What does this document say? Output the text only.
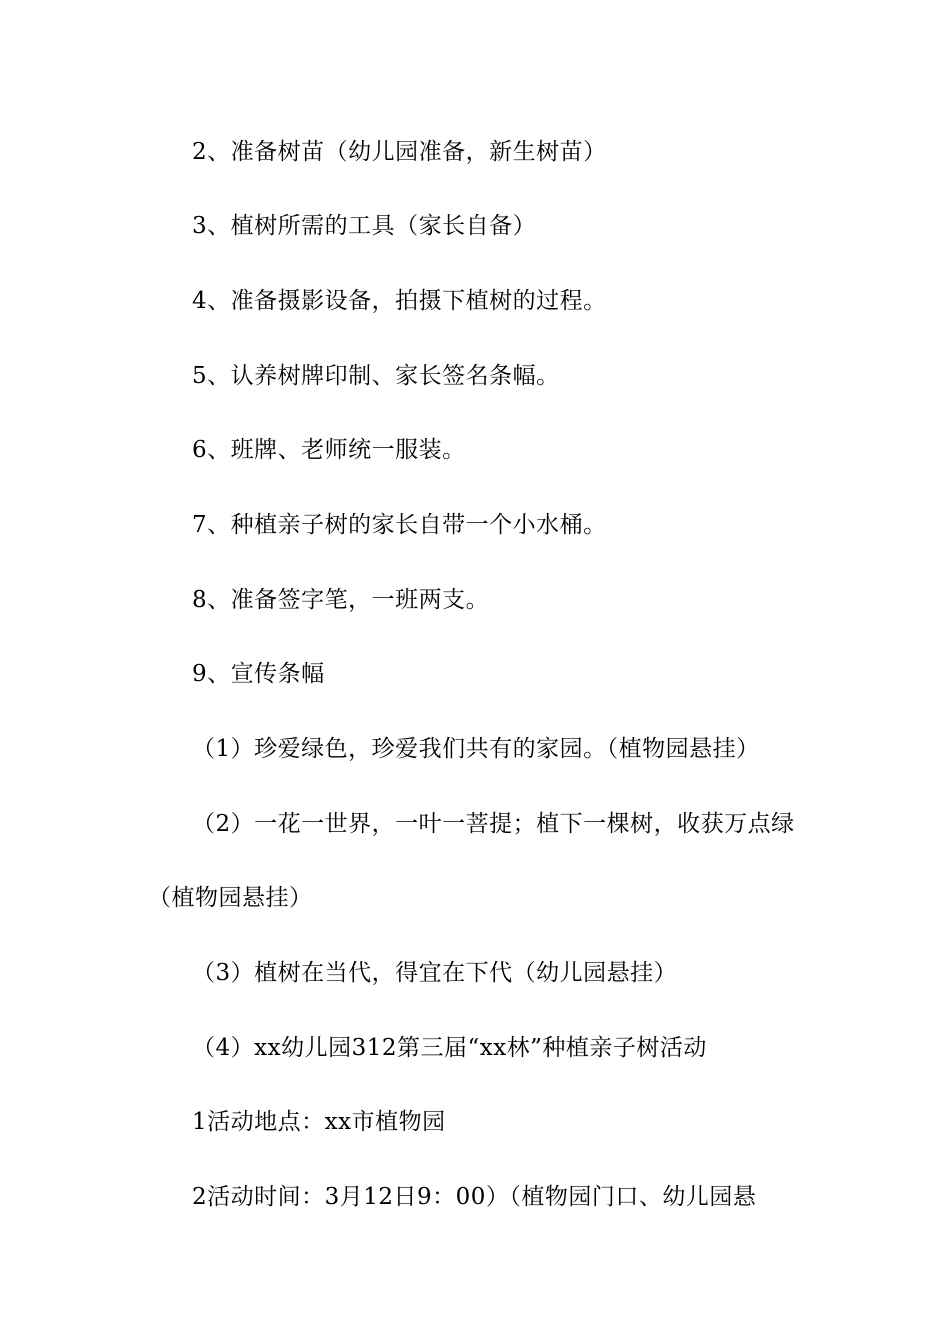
2、准备树苗（幼儿园准备，新生树苗）
3、植树所需的工具（家长自备）
4、准备摄影设备，拍摄下植树的过程。
5、认养树牌印制、家长签名条幅。
6、班牌、老师统一服装。
7、种植亲子树的家长自带一个小水桶。
8、准备签字笔，一班两支。
9、宣传条幅
（1）珍爱绿色，珍爱我们共有的家园。（植物园悬挂）
（2）一花一世界，一叶一菩提；植下一棵树，收获万点绿
（植物园悬挂）
（3）植树在当代，得宜在下代（幼儿园悬挂）
（4）xx幼儿园312第三届“xx林”种植亲子树活动
1活动地点：xx市植物园
2活动时间：3月12日9：00）（植物园门口、幼儿园悬
